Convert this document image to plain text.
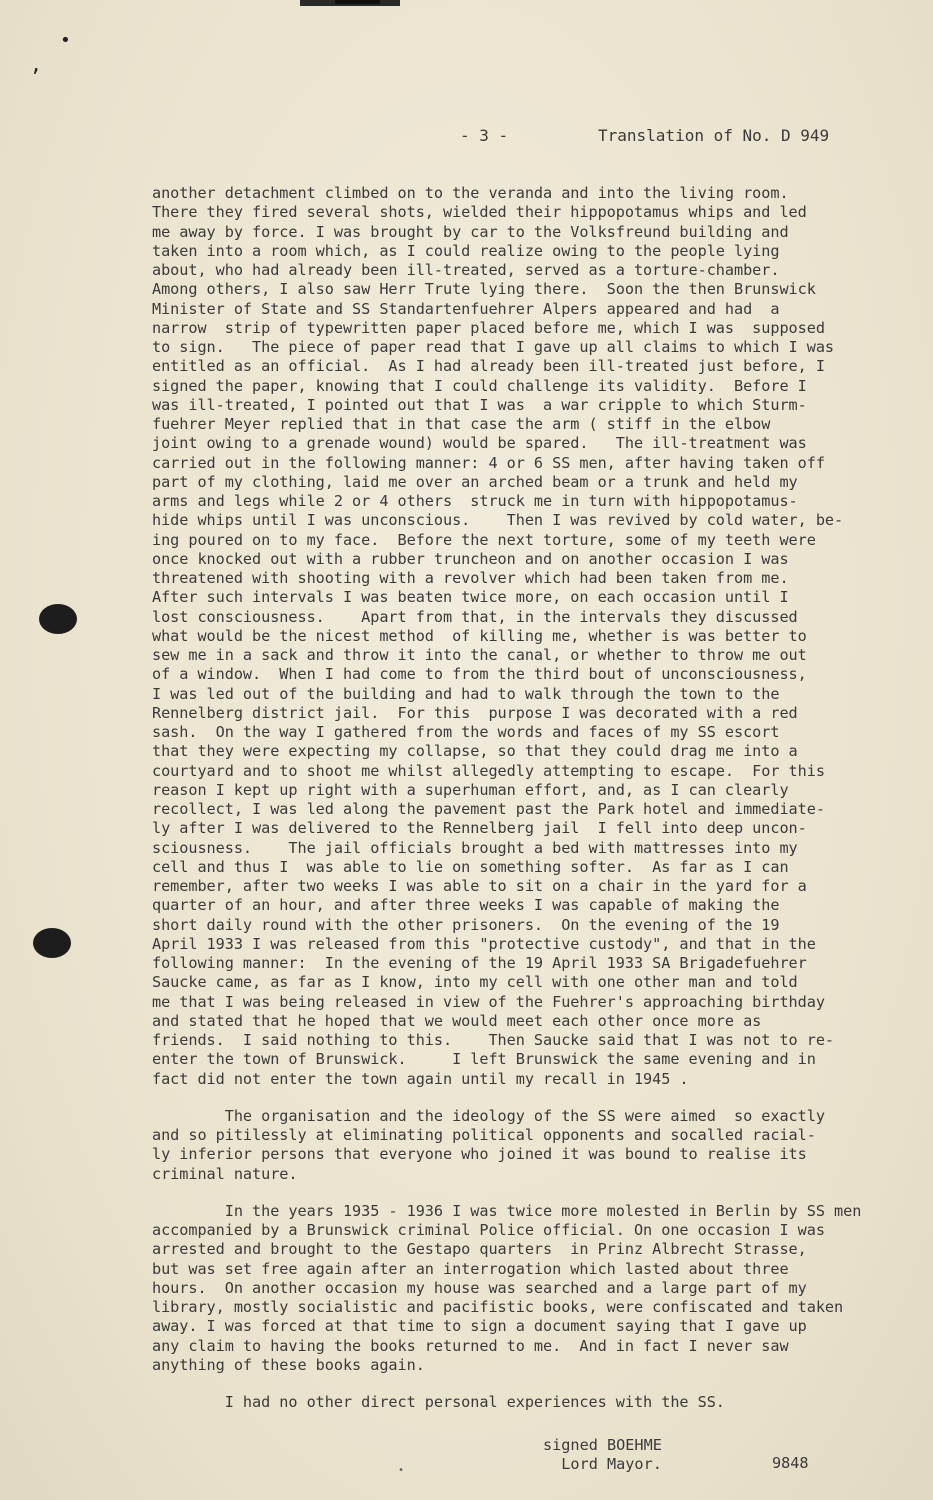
•
,
- 3 -	Translation of No. D 949
another detachment climbed on to the veranda and into the living room.
There they fired several shots, wielded their hippopotamus whips and led
me away by force. I was brought by car to the Volksfreund building and
taken into a room which, as I could realize owing to the people lying
about, who had already been ill-treated, served as a torture-chamber.
Among others, I also saw Herr Trute lying there.  Soon the then Brunswick
Minister of State and SS Standartenfuehrer Alpers appeared and had  a
narrow  strip of typewritten paper placed before me, which I was  supposed
to sign.   The piece of paper read that I gave up all claims to which I was
entitled as an official.  As I had already been ill-treated just before, I
signed the paper, knowing that I could challenge its validity.  Before I
was ill-treated, I pointed out that I was  a war cripple to which Sturm-
fuehrer Meyer replied that in that case the arm ( stiff in the elbow
joint owing to a grenade wound) would be spared.   The ill-treatment was
carried out in the following manner: 4 or 6 SS men, after having taken off
part of my clothing, laid me over an arched beam or a trunk and held my
arms and legs while 2 or 4 others  struck me in turn with hippopotamus-
hide whips until I was unconscious.    Then I was revived by cold water, be-
ing poured on to my face.  Before the next torture, some of my teeth were
once knocked out with a rubber truncheon and on another occasion I was
threatened with shooting with a revolver which had been taken from me.
After such intervals I was beaten twice more, on each occasion until I
lost consciousness.    Apart from that, in the intervals they discussed
what would be the nicest method  of killing me, whether is was better to
sew me in a sack and throw it into the canal, or whether to throw me out
of a window.  When I had come to from the third bout of unconsciousness,
I was led out of the building and had to walk through the town to the
Rennelberg district jail.  For this  purpose I was decorated with a red
sash.  On the way I gathered from the words and faces of my SS escort
that they were expecting my collapse, so that they could drag me into a
courtyard and to shoot me whilst allegedly attempting to escape.  For this
reason I kept up right with a superhuman effort, and, as I can clearly
recollect, I was led along the pavement past the Park hotel and immediate-
ly after I was delivered to the Rennelberg jail  I fell into deep uncon-
sciousness.    The jail officials brought a bed with mattresses into my
cell and thus I  was able to lie on something softer.  As far as I can
remember, after two weeks I was able to sit on a chair in the yard for a
quarter of an hour, and after three weeks I was capable of making the
short daily round with the other prisoners.  On the evening of the 19
April 1933 I was released from this "protective custody", and that in the
following manner:  In the evening of the 19 April 1933 SA Brigadefuehrer
Saucke came, as far as I know, into my cell with one other man and told
me that I was being released in view of the Fuehrer's approaching birthday
and stated that he hoped that we would meet each other once more as
friends.  I said nothing to this.    Then Saucke said that I was not to re-
enter the town of Brunswick.     I left Brunswick the same evening and in
fact did not enter the town again until my recall in 1945 .
The organisation and the ideology of the SS were aimed  so exactly
and so pitilessly at eliminating political opponents and socalled racial-
ly inferior persons that everyone who joined it was bound to realise its
criminal nature.
In the years 1935 - 1936 I was twice more molested in Berlin by SS men
accompanied by a Brunswick criminal Police official. On one occasion I was
arrested and brought to the Gestapo quarters  in Prinz Albrecht Strasse,
but was set free again after an interrogation which lasted about three
hours.  On another occasion my house was searched and a large part of my
library, mostly socialistic and pacifistic books, were confiscated and taken
away. I was forced at that time to sign a document saying that I gave up
any claim to having the books returned to me.  And in fact I never saw
anything of these books again.
I had no other direct personal experiences with the SS.
signed BOEHME
Lord Mayor.	9848
•
